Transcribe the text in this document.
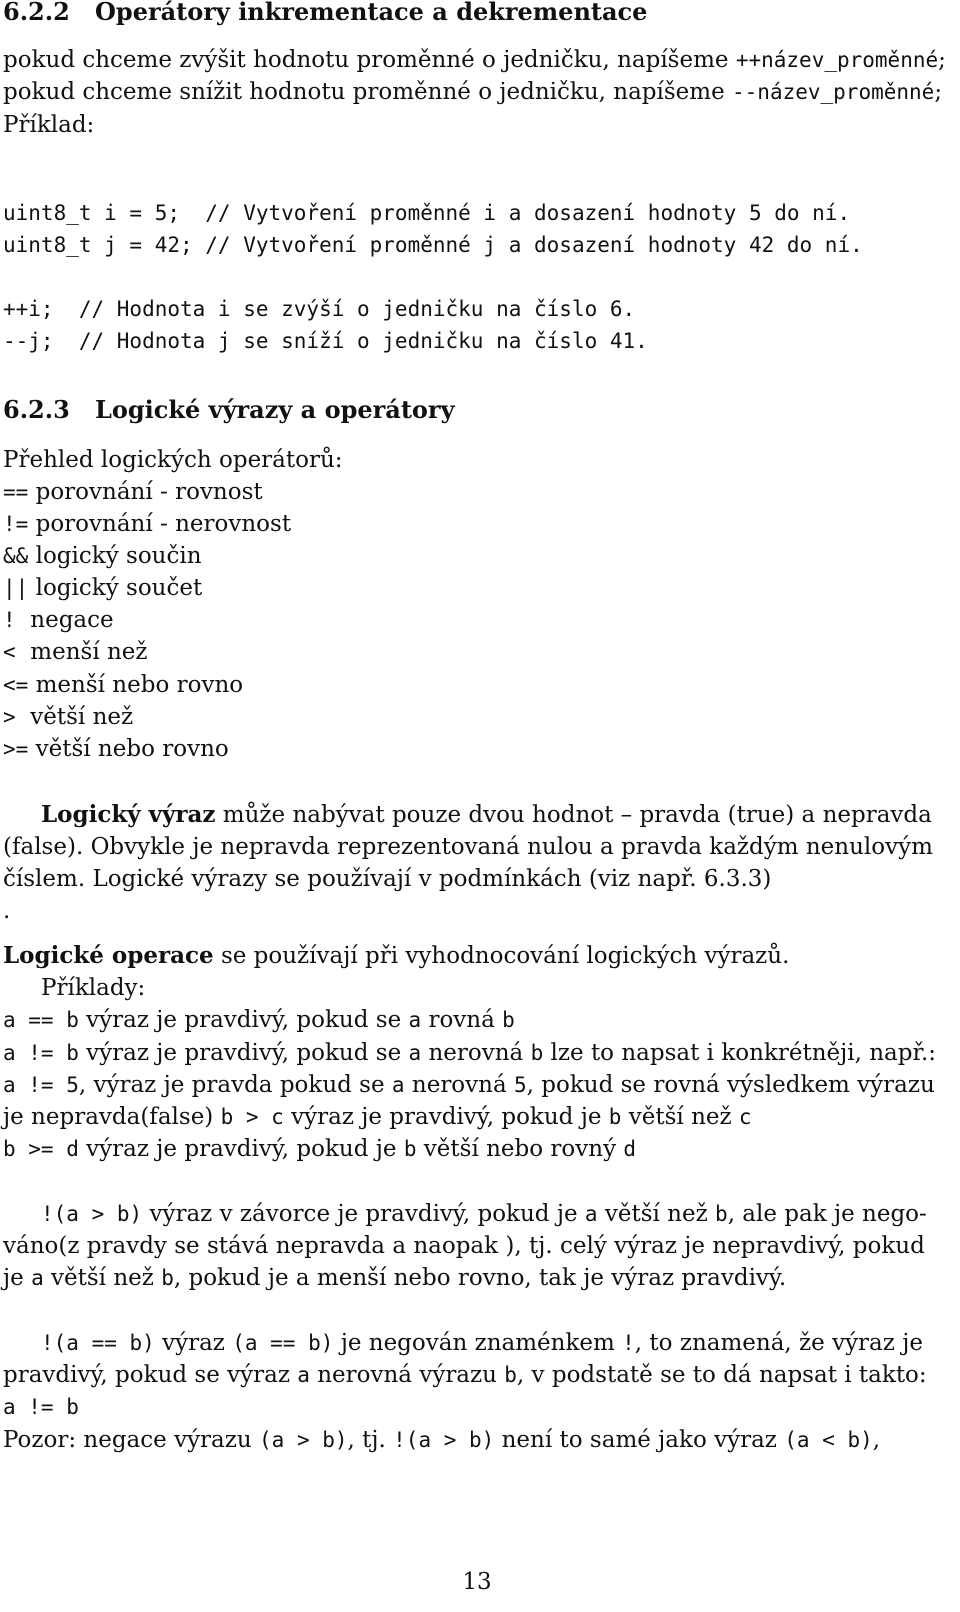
6.2.2 Operátory inkrementace a dekrementace
pokud chceme zvýšit hodnotu proměnné o jedničku, napíšeme ++název_proměnné;
pokud chceme snížit hodnotu proměnné o jedničku, napíšeme --název_proměnné;
Příklad:
uint8_t i = 5;  // Vytvoření proměnné i a dosazení hodnoty 5 do ní.
uint8_t j = 42; // Vytvoření proměnné j a dosazení hodnoty 42 do ní.
++i;  // Hodnota i se zvýší o jedničku na číslo 6.
--j;  // Hodnota j se sníží o jedničku na číslo 41.
6.2.3 Logické výrazy a operátory
Přehled logických operátorů:
== porovnání - rovnost
!= porovnání - nerovnost
&& logický součin
|| logický součet
!  negace
<  menší než
<= menší nebo rovno
>  větší než
>= větší nebo rovno
Logický výraz může nabývat pouze dvou hodnot – pravda (true) a nepravda
(false). Obvykle je nepravda reprezentovaná nulou a pravda každým nenulovým
číslem. Logické výrazy se používají v podmínkách (viz např. 6.3.3)
.
Logické operace se používají při vyhodnocování logických výrazů.
Příklady:
a == b výraz je pravdivý, pokud se a rovná b
a != b výraz je pravdivý, pokud se a nerovná b lze to napsat i konkrétněji, např.:
a != 5, výraz je pravda pokud se a nerovná 5, pokud se rovná výsledkem výrazu
je nepravda(false) b > c výraz je pravdivý, pokud je b větší než c
b >= d výraz je pravdivý, pokud je b větší nebo rovný d
!(a > b) výraz v závorce je pravdivý, pokud je a větší než b, ale pak je nego-
váno(z pravdy se stává nepravda a naopak ), tj. celý výraz je nepravdivý, pokud
je a větší než b, pokud je a menší nebo rovno, tak je výraz pravdivý.
!(a == b) výraz (a == b) je negován znaménkem !, to znamená, že výraz je
pravdivý, pokud se výraz a nerovná výrazu b, v podstatě se to dá napsat i takto:
a != b
Pozor: negace výrazu (a > b), tj. !(a > b) není to samé jako výraz (a < b),
13
